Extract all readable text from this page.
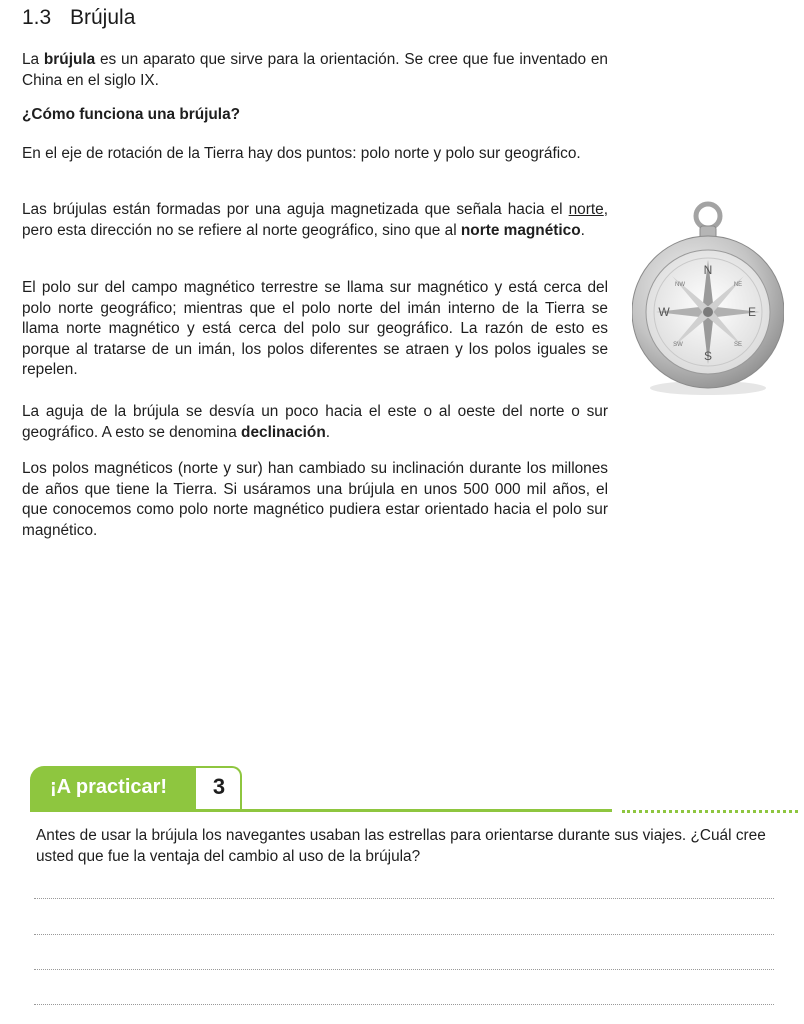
1.3 Brújula

La brújula es un aparato que sirve para la orientación. Se cree que fue inventado en China en el siglo IX.

¿Cómo funciona una brújula?

En el eje de rotación de la Tierra hay dos puntos: polo norte y polo sur geográfico.

Las brújulas están formadas por una aguja magnetizada que señala hacia el norte, pero esta dirección no se refiere al norte geográfico, sino que al norte magnético.

El polo sur del campo magnético terrestre se llama sur magnético y está cerca del polo norte geográfico; mientras que el polo norte del imán interno de la Tierra se llama norte magnético y está cerca del polo sur geográfico. La razón de esto es porque al tratarse de un imán, los polos diferentes se atraen y los polos iguales se repelen.

La aguja de la brújula se desvía un poco hacia el este o al oeste del norte o sur geográfico. A esto se denomina declinación.

Los polos magnéticos (norte y sur) han cambiado su inclinación durante los millones de años que tiene la Tierra. Si usáramos una brújula en unos 500 000 mil años, el que conocemos como polo norte magnético pudiera estar orientado hacia el polo sur magnético.

N
S
E
W
NW	NE
SW	SE
¡A practicar!	3

Antes de usar la brújula los navegantes usaban las estrellas para orientarse durante sus viajes. ¿Cuál cree usted que fue la ventaja del cambio al uso de la brújula?
